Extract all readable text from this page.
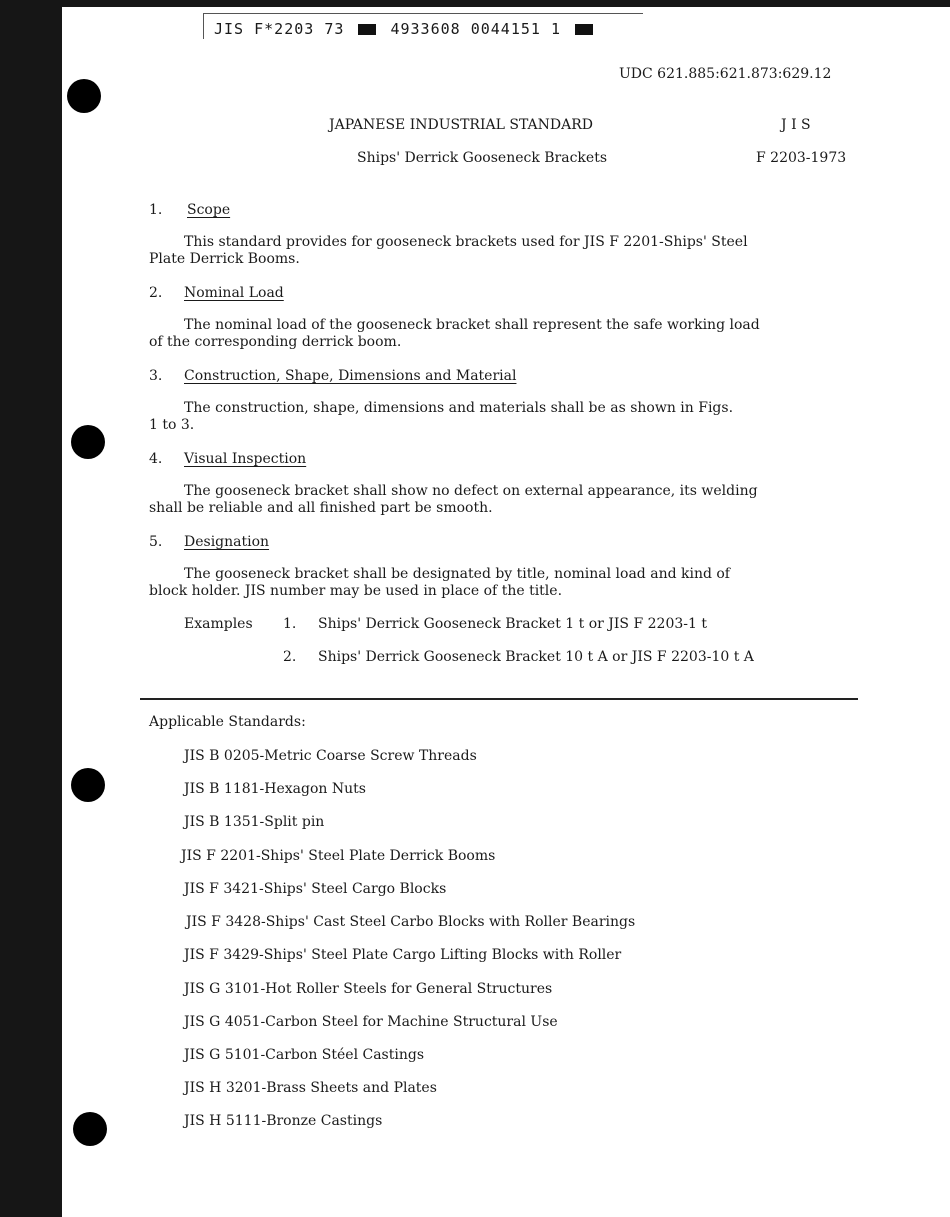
JIS F*2203 73	4933608 0044151 1
UDC 621.885:621.873:629.12
JAPANESE INDUSTRIAL STANDARD	J I S
Ships' Derrick Gooseneck Brackets	F 2203-1973
1. Scope
This standard provides for gooseneck brackets used for JIS F 2201-Ships' Steel
Plate Derrick Booms.
2. Nominal Load
The nominal load of the gooseneck bracket shall represent the safe working load
of the corresponding derrick boom.
3. Construction, Shape, Dimensions and Material
The construction, shape, dimensions and materials shall be as shown in Figs.
1 to 3.
4. Visual Inspection
The gooseneck bracket shall show no defect on external appearance, its welding
shall be reliable and all finished part be smooth.
5. Designation
The gooseneck bracket shall be designated by title, nominal load and kind of
block holder. JIS number may be used in place of the title.
Examples 1. Ships' Derrick Gooseneck Bracket 1 t or JIS F 2203-1 t
2. Ships' Derrick Gooseneck Bracket 10 t A or JIS F 2203-10 t A
Applicable Standards:
JIS B 0205-Metric Coarse Screw Threads
JIS B 1181-Hexagon Nuts
JIS B 1351-Split pin
JIS F 2201-Ships' Steel Plate Derrick Booms
JIS F 3421-Ships' Steel Cargo Blocks
JIS F 3428-Ships' Cast Steel Carbo Blocks with Roller Bearings
JIS F 3429-Ships' Steel Plate Cargo Lifting Blocks with Roller
JIS G 3101-Hot Roller Steels for General Structures
JIS G 4051-Carbon Steel for Machine Structural Use
JIS G 5101-Carbon Stéel Castings
JIS H 3201-Brass Sheets and Plates
JIS H 5111-Bronze Castings
